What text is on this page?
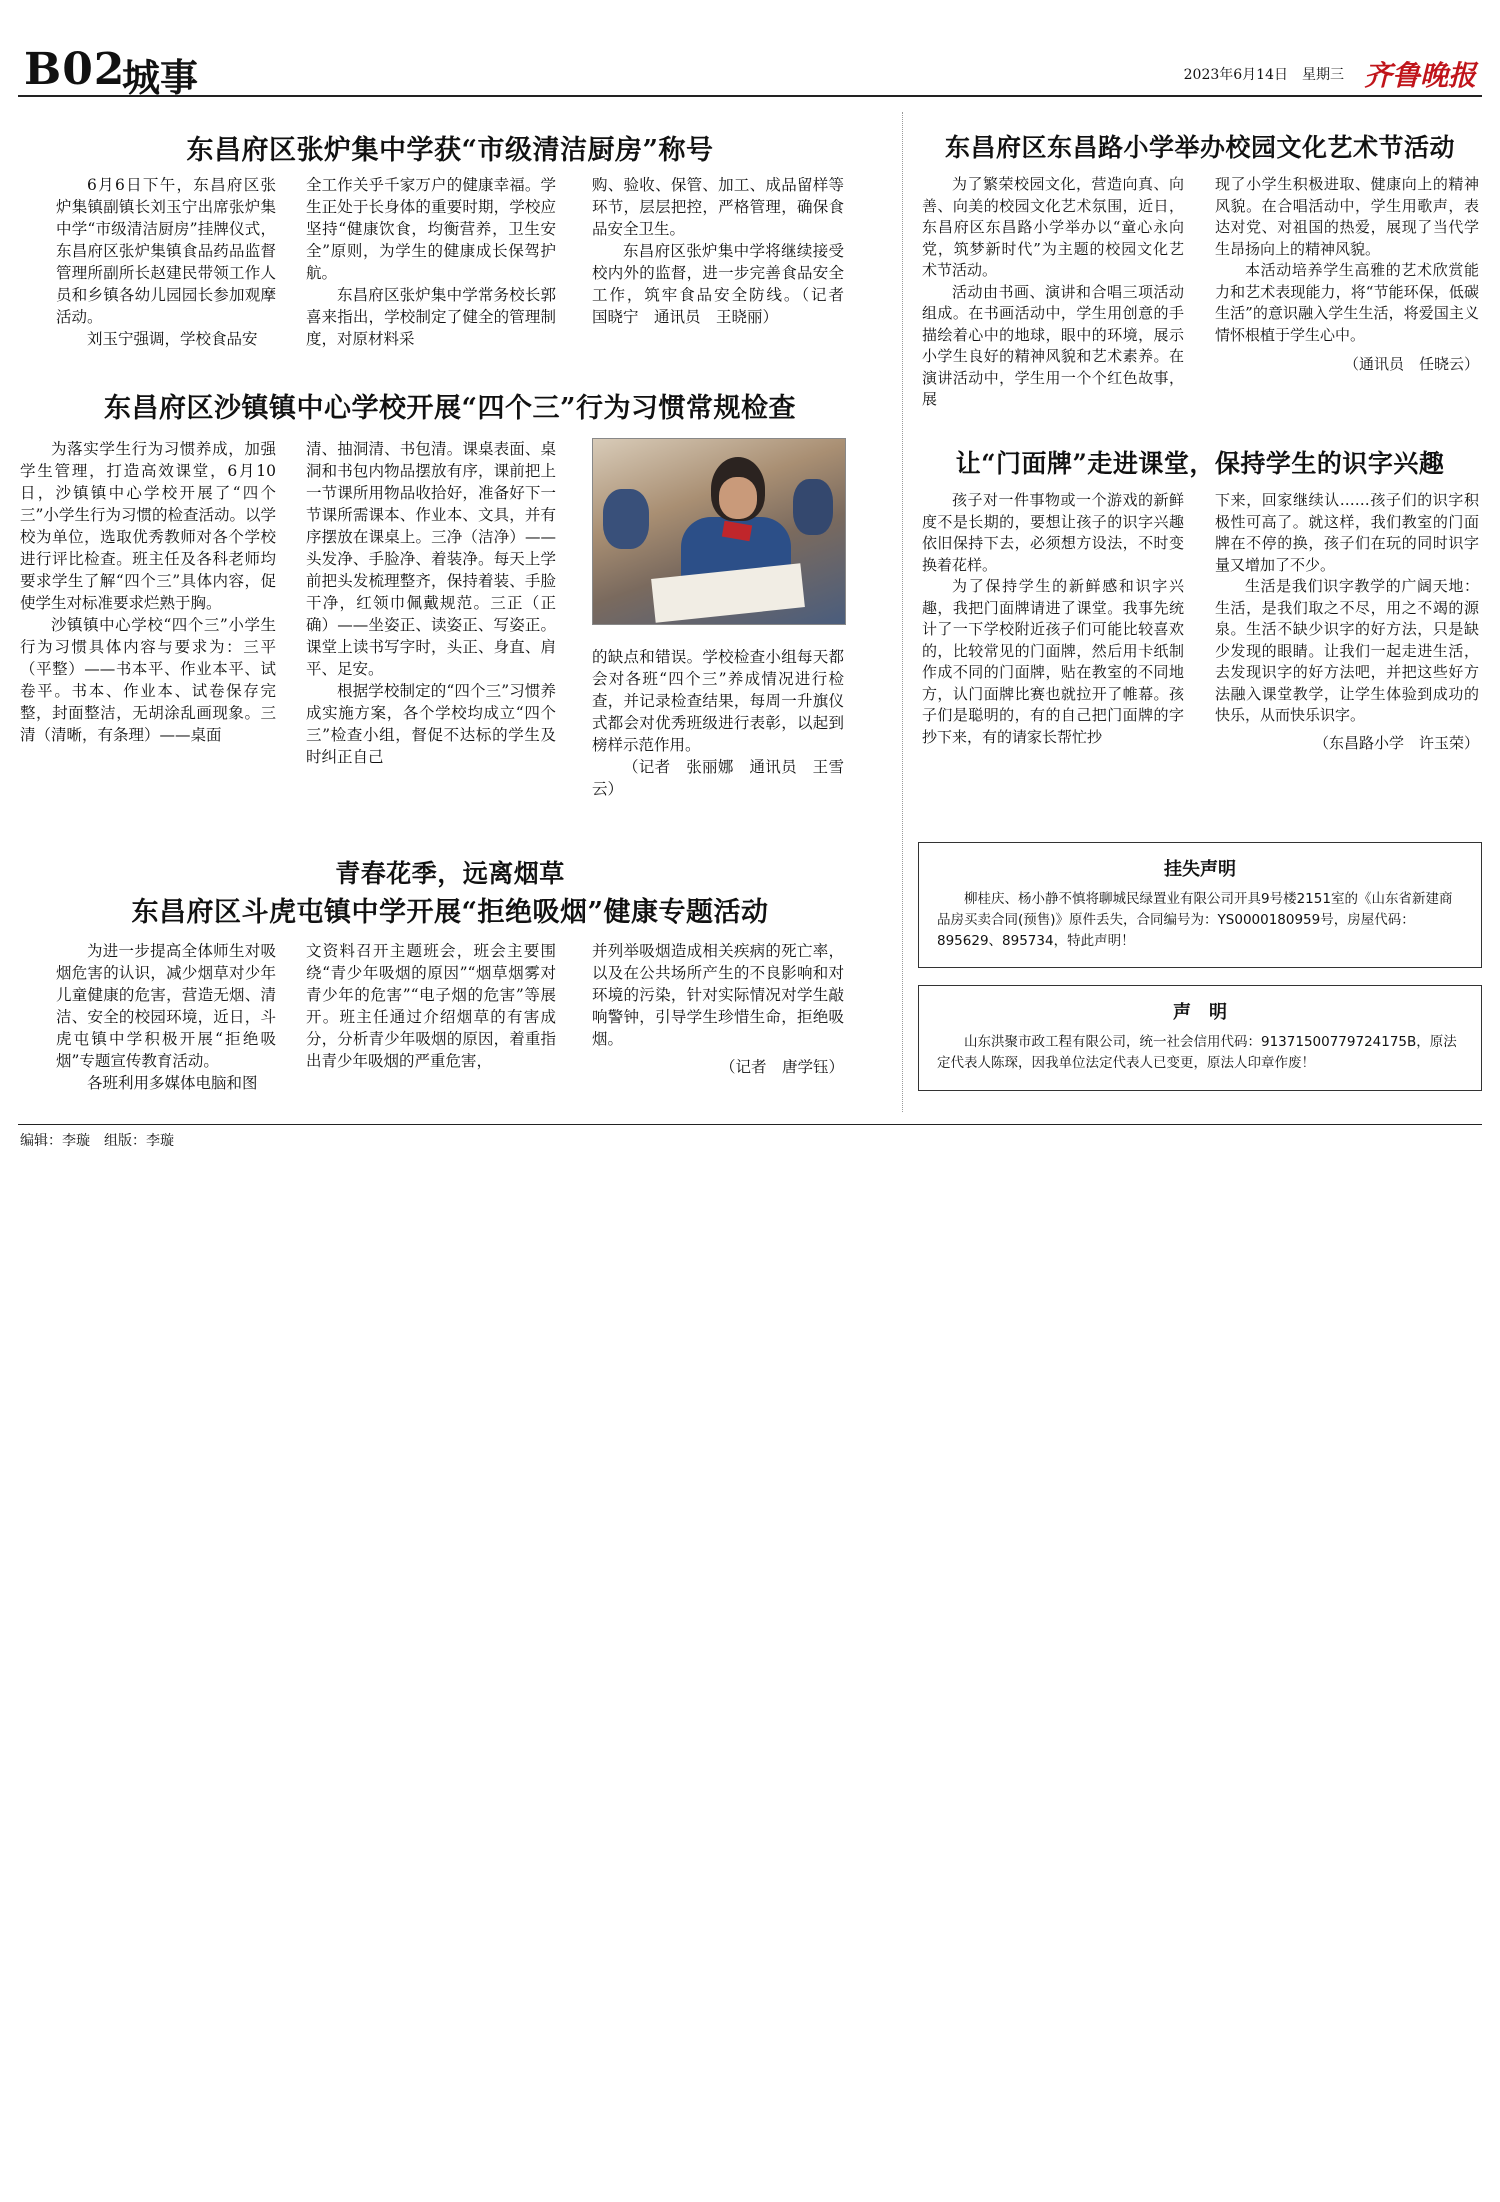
B02
城事	2023年6月14日 星期三 齐鲁晚报
东昌府区张炉集中学获“市级清洁厨房”称号

6月6日下午，东昌府区张炉集镇副镇长刘玉宁出席张炉集中学“市级清洁厨房”挂牌仪式，东昌府区张炉集镇食品药品监督管理所副所长赵建民带领工作人员和乡镇各幼儿园园长参加观摩活动。

刘玉宁强调，学校食品安

全工作关乎千家万户的健康幸福。学生正处于长身体的重要时期，学校应坚持“健康饮食，均衡营养，卫生安全”原则，为学生的健康成长保驾护航。

东昌府区张炉集中学常务校长郭喜来指出，学校制定了健全的管理制度，对原材料采

购、验收、保管、加工、成品留样等环节，层层把控，严格管理，确保食品安全卫生。

东昌府区张炉集中学将继续接受校内外的监督，进一步完善食品安全工作，筑牢食品安全防线。（记者　国晓宁　通讯员　王晓丽）

东昌府区沙镇镇中心学校开展“四个三”行为习惯常规检查

为落实学生行为习惯养成，加强学生管理，打造高效课堂，6月10日，沙镇镇中心学校开展了“四个三”小学生行为习惯的检查活动。以学校为单位，选取优秀教师对各个学校进行评比检查。班主任及各科老师均要求学生了解“四个三”具体内容，促使学生对标准要求烂熟于胸。

沙镇镇中心学校“四个三”小学生行为习惯具体内容与要求为：三平（平整）——书本平、作业本平、试卷平。书本、作业本、试卷保存完整，封面整洁，无胡涂乱画现象。三清（清晰，有条理）——桌面

清、抽洞清、书包清。课桌表面、桌洞和书包内物品摆放有序，课前把上一节课所用物品收拾好，准备好下一节课所需课本、作业本、文具，并有序摆放在课桌上。三净（洁净）——头发净、手脸净、着装净。每天上学前把头发梳理整齐，保持着装、手脸干净，红领巾佩戴规范。三正（正确）——坐姿正、读姿正、写姿正。课堂上读书写字时，头正、身直、肩平、足安。

根据学校制定的“四个三”习惯养成实施方案，各个学校均成立“四个三”检查小组，督促不达标的学生及时纠正自己

的缺点和错误。学校检查小组每天都会对各班“四个三”养成情况进行检查，并记录检查结果，每周一升旗仪式都会对优秀班级进行表彰，以起到榜样示范作用。

（记者　张丽娜　通讯员　王雪云）

青春花季，远离烟草
东昌府区斗虎屯镇中学开展“拒绝吸烟”健康专题活动

为进一步提高全体师生对吸烟危害的认识，减少烟草对少年儿童健康的危害，营造无烟、清洁、安全的校园环境，近日，斗虎屯镇中学积极开展“拒绝吸烟”专题宣传教育活动。

各班利用多媒体电脑和图

文资料召开主题班会，班会主要围绕“青少年吸烟的原因”“烟草烟雾对青少年的危害”“电子烟的危害”等展开。班主任通过介绍烟草的有害成分，分析青少年吸烟的原因，着重指出青少年吸烟的严重危害，

并列举吸烟造成相关疾病的死亡率，以及在公共场所产生的不良影响和对环境的污染，针对实际情况对学生敲响警钟，引导学生珍惜生命，拒绝吸烟。

（记者　唐学钰）
东昌府区东昌路小学举办校园文化艺术节活动

为了繁荣校园文化，营造向真、向善、向美的校园文化艺术氛围，近日，东昌府区东昌路小学举办以“童心永向党，筑梦新时代”为主题的校园文化艺术节活动。

活动由书画、演讲和合唱三项活动组成。在书画活动中，学生用创意的手描绘着心中的地球，眼中的环境，展示小学生良好的精神风貌和艺术素养。在演讲活动中，学生用一个个红色故事，展

现了小学生积极进取、健康向上的精神风貌。在合唱活动中，学生用歌声，表达对党、对祖国的热爱，展现了当代学生昂扬向上的精神风貌。

本活动培养学生高雅的艺术欣赏能力和艺术表现能力，将“节能环保，低碳生活”的意识融入学生生活，将爱国主义情怀根植于学生心中。

（通讯员　任晓云）
让“门面牌”走进课堂，保持学生的识字兴趣

孩子对一件事物或一个游戏的新鲜度不是长期的，要想让孩子的识字兴趣依旧保持下去，必须想方设法，不时变换着花样。

为了保持学生的新鲜感和识字兴趣，我把门面牌请进了课堂。我事先统计了一下学校附近孩子们可能比较喜欢的，比较常见的门面牌，然后用卡纸制作成不同的门面牌，贴在教室的不同地方，认门面牌比赛也就拉开了帷幕。孩子们是聪明的，有的自己把门面牌的字抄下来，有的请家长帮忙抄

下来，回家继续认……孩子们的识字积极性可高了。就这样，我们教室的门面牌在不停的换，孩子们在玩的同时识字量又增加了不少。

生活是我们识字教学的广阔天地：生活，是我们取之不尽，用之不竭的源泉。生活不缺少识字的好方法，只是缺少发现的眼睛。让我们一起走进生活，去发现识字的好方法吧，并把这些好方法融入课堂教学，让学生体验到成功的快乐，从而快乐识字。

（东昌路小学　许玉荣）
挂失声明
柳桂庆、杨小静不慎将聊城民绿置业有限公司开具9号楼2151室的《山东省新建商品房买卖合同(预售)》原件丢失，合同编号为：YS0000180959号，房屋代码：895629、895734，特此声明！
声　明
山东洪聚市政工程有限公司，统一社会信用代码：91371500779724175B，原法定代表人陈琛，因我单位法定代表人已变更，原法人印章作废！
编辑：李璇　组版：李璇
